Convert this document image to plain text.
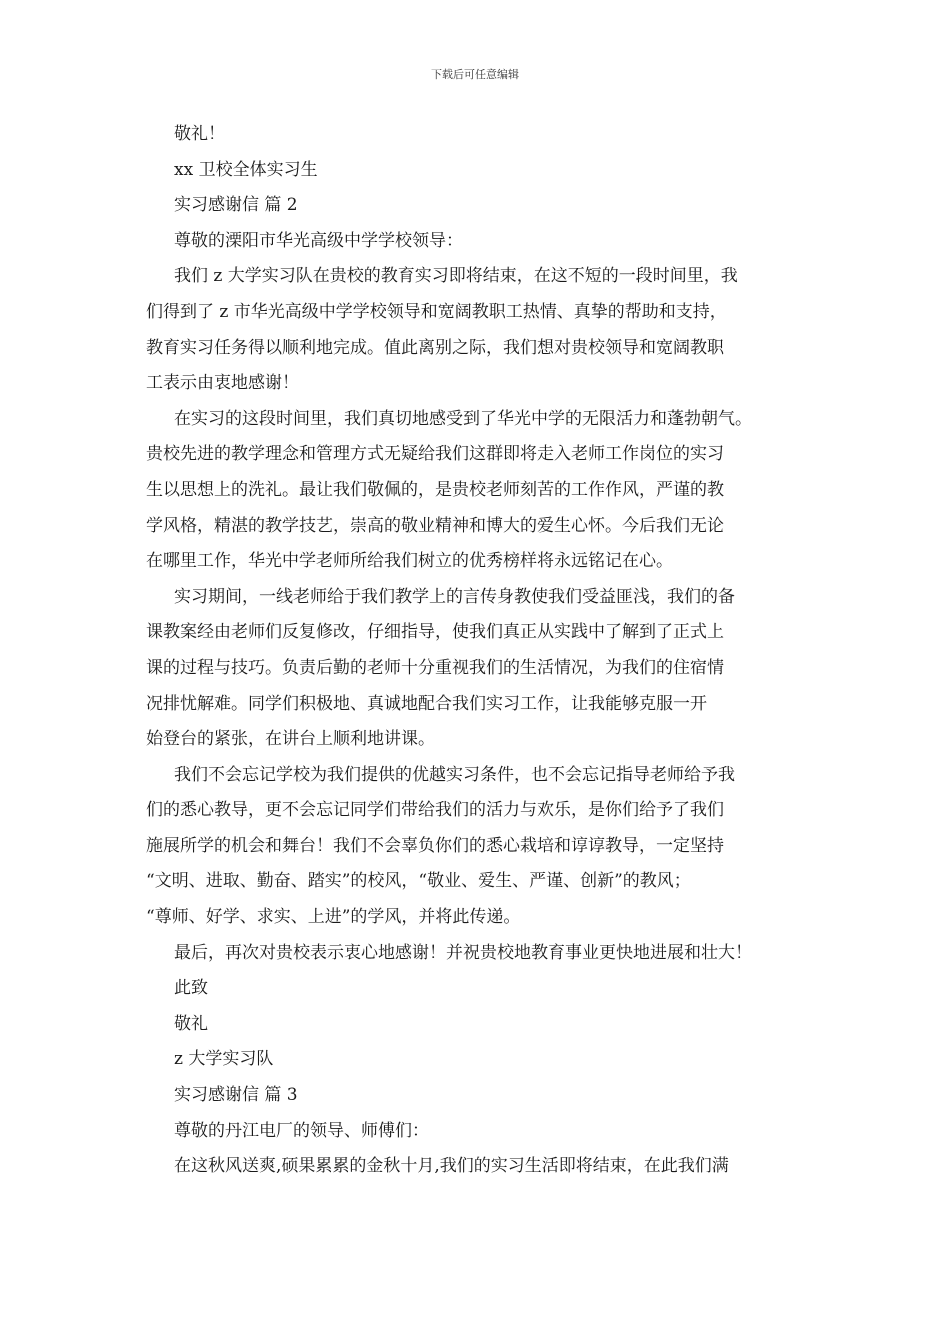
下载后可任意编辑
敬礼！
xx 卫校全体实习生
实习感谢信 篇 2
尊敬的溧阳市华光高级中学学校领导：
我们 z 大学实习队在贵校的教育实习即将结束，在这不短的一段时间里，我
们得到了 z 市华光高级中学学校领导和宽阔教职工热情、真挚的帮助和支持，
教育实习任务得以顺利地完成。值此离别之际，我们想对贵校领导和宽阔教职
工表示由衷地感谢！
在实习的这段时间里，我们真切地感受到了华光中学的无限活力和蓬勃朝气。
贵校先进的教学理念和管理方式无疑给我们这群即将走入老师工作岗位的实习
生以思想上的洗礼。最让我们敬佩的，是贵校老师刻苦的工作作风，严谨的教
学风格，精湛的教学技艺，崇高的敬业精神和博大的爱生心怀。今后我们无论
在哪里工作，华光中学老师所给我们树立的优秀榜样将永远铭记在心。
实习期间，一线老师给于我们教学上的言传身教使我们受益匪浅，我们的备
课教案经由老师们反复修改，仔细指导，使我们真正从实践中了解到了正式上
课的过程与技巧。负责后勤的老师十分重视我们的生活情况，为我们的住宿情
况排忧解难。同学们积极地、真诚地配合我们实习工作，让我能够克服一开
始登台的紧张，在讲台上顺利地讲课。
我们不会忘记学校为我们提供的优越实习条件，也不会忘记指导老师给予我
们的悉心教导，更不会忘记同学们带给我们的活力与欢乐，是你们给予了我们
施展所学的机会和舞台！我们不会辜负你们的悉心栽培和谆谆教导，一定坚持
“文明、进取、勤奋、踏实”的校风，“敬业、爱生、严谨、创新”的教风；
“尊师、好学、求实、上进”的学风，并将此传递。
最后，再次对贵校表示衷心地感谢！并祝贵校地教育事业更快地进展和壮大！
此致
敬礼
z 大学实习队
实习感谢信 篇 3
尊敬的丹江电厂的领导、师傅们：
在这秋风送爽,硕果累累的金秋十月,我们的实习生活即将结束，在此我们满
